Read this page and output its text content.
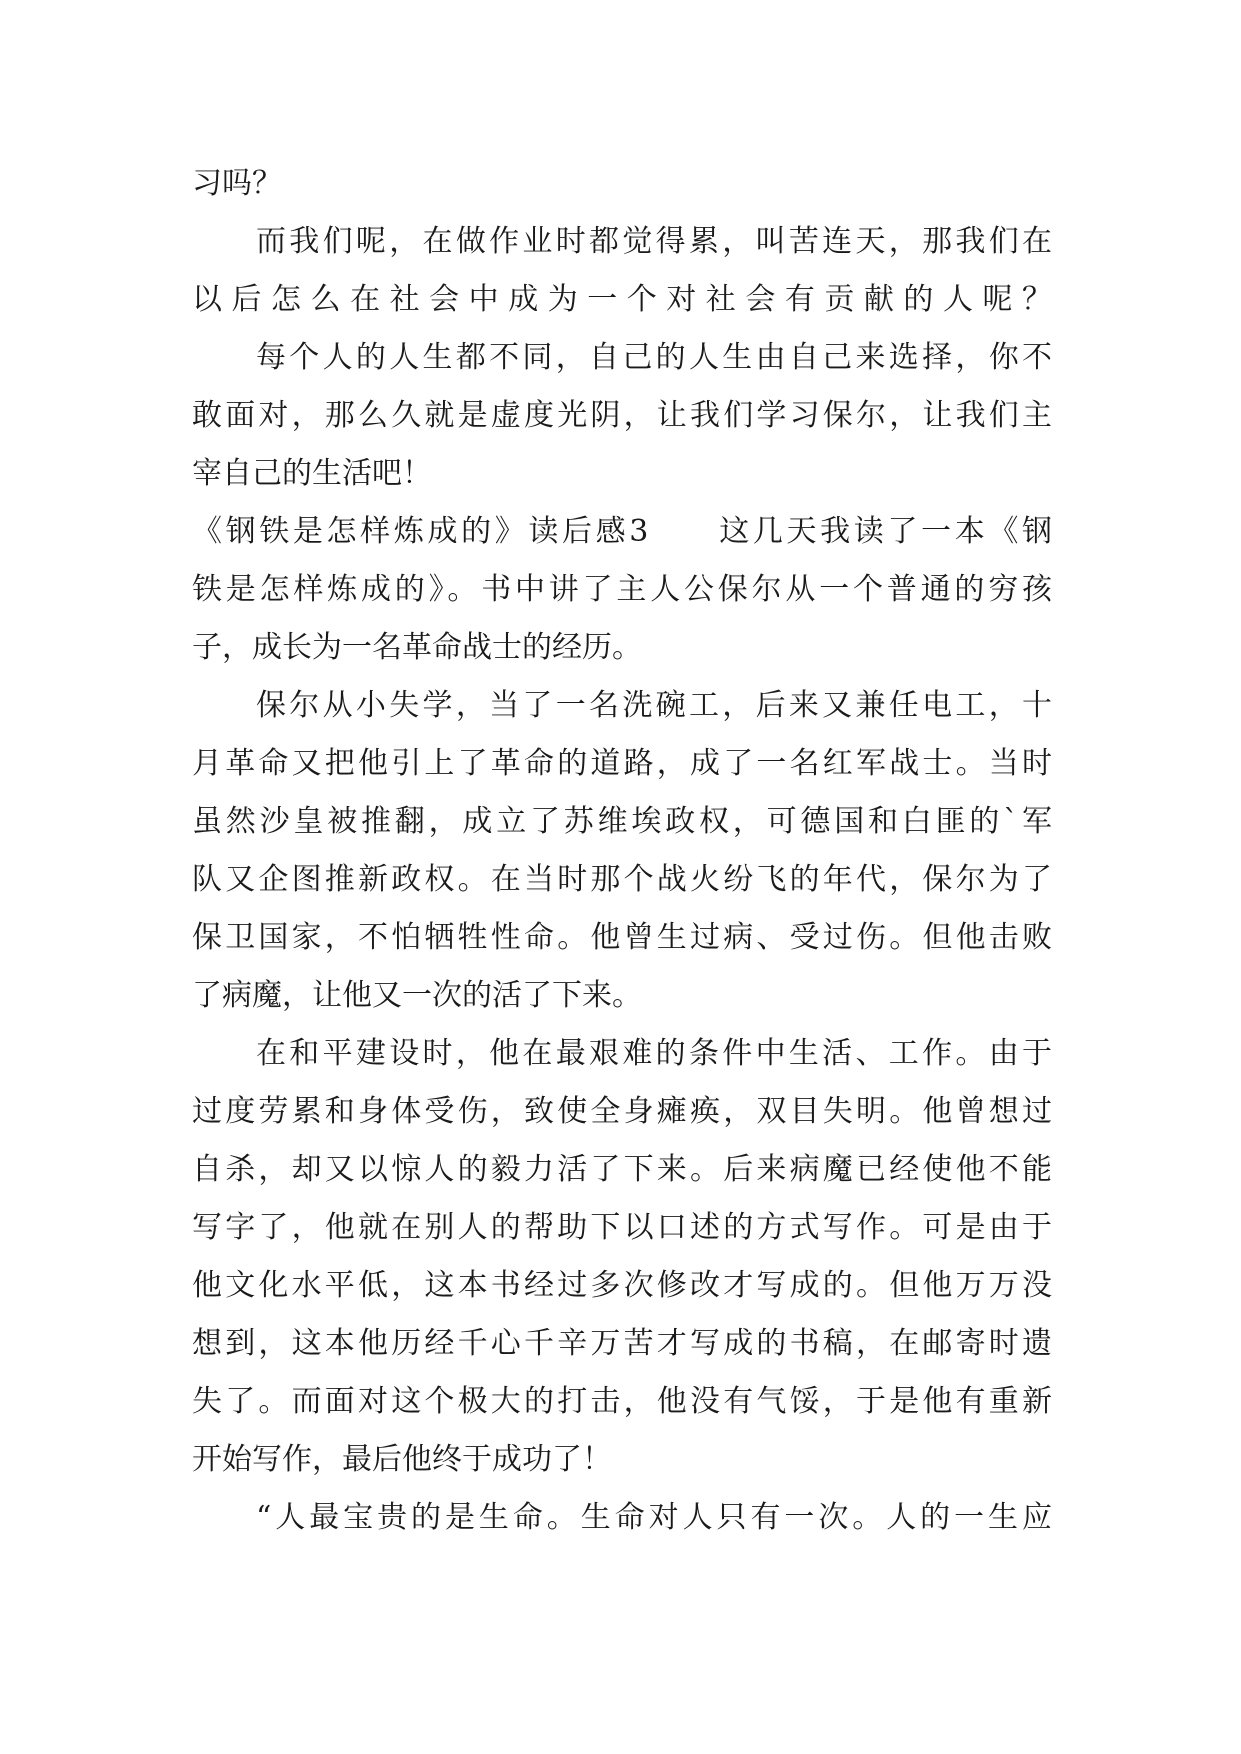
习吗？
而我们呢，在做作业时都觉得累，叫苦连天，那我们在
以后怎么在社会中成为一个对社会有贡献的人呢？
每个人的人生都不同，自己的人生由自己来选择，你不
敢面对，那么久就是虚度光阴，让我们学习保尔，让我们主
宰自己的生活吧！
《钢铁是怎样炼成的》读后感3　　这几天我读了一本《钢
铁是怎样炼成的》。书中讲了主人公保尔从一个普通的穷孩
子，成长为一名革命战士的经历。
保尔从小失学，当了一名洗碗工，后来又兼任电工，十
月革命又把他引上了革命的道路，成了一名红军战士。当时
虽然沙皇被推翻，成立了苏维埃政权，可德国和白匪的`军
队又企图推新政权。在当时那个战火纷飞的年代，保尔为了
保卫国家，不怕牺牲性命。他曾生过病、受过伤。但他击败
了病魔，让他又一次的活了下来。
在和平建设时，他在最艰难的条件中生活、工作。由于
过度劳累和身体受伤，致使全身瘫痪，双目失明。他曾想过
自杀，却又以惊人的毅力活了下来。后来病魔已经使他不能
写字了，他就在别人的帮助下以口述的方式写作。可是由于
他文化水平低，这本书经过多次修改才写成的。但他万万没
想到，这本他历经千心千辛万苦才写成的书稿，在邮寄时遗
失了。而面对这个极大的打击，他没有气馁，于是他有重新
开始写作，最后他终于成功了！
“人最宝贵的是生命。生命对人只有一次。人的一生应
